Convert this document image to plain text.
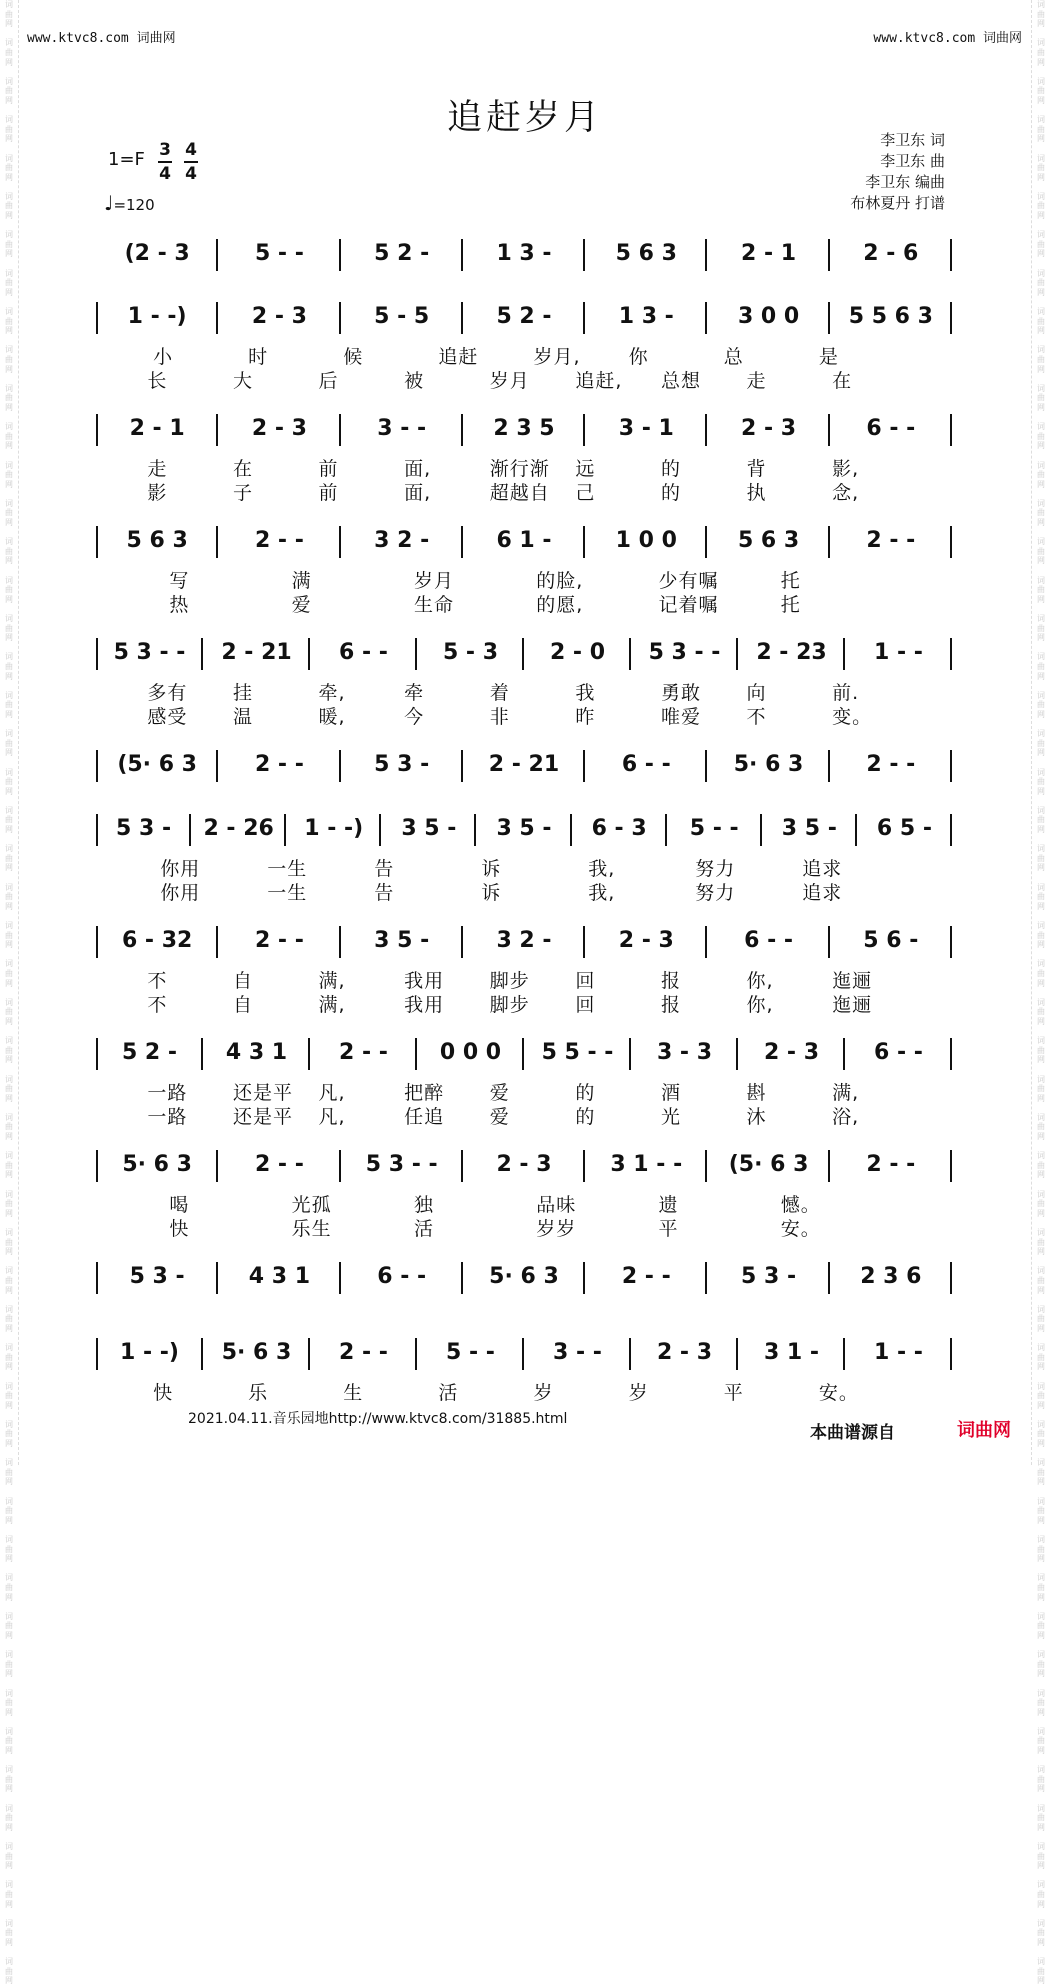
词
曲
网

词
曲
网

词
曲
网

词
曲
网

词
曲
网

词
曲
网

词
曲
网

词
曲
网

词
曲
网

词
曲
网

词
曲
网

词
曲
网

词
曲
网

词
曲
网

词
曲
网

词
曲
网

词
曲
网

词
曲
网

词
曲
网

词
曲
网

词
曲
网

词
曲
网

词
曲
网

词
曲
网

词
曲
网

词
曲
网

词
曲
网

词
曲
网

词
曲
网

词
曲
网

词
曲
网

词
曲
网

词
曲
网

词
曲
网

词
曲
网

词
曲
网

词
曲
网

词
曲
网

词
曲
网

词
曲
网

词
曲
网

词
曲
网

词
曲
网

词
曲
网

词
曲
网

词
曲
网

词
曲
网

词
曲
网

词
曲
网

词
曲
网

词
曲
网

词
曲
网

词
曲
网

词
曲
网

词
曲
网

词
曲
网

词
曲
网

词
曲
网

词
曲
网

词
曲
网

词
曲
网

词
曲
网

词
曲
网

词
曲
网

词
曲
网

词
曲
网

词
曲
网

词
曲
网

词
曲
网

词
曲
网

词
曲
网

词
曲
网

词
曲
网

词
曲
网

词
曲
网

词
曲
网

词
曲
网

词
曲
网

词
曲
网

词
曲
网

词
曲
网

词
曲
网

词
曲
网

词
曲
网

词
曲
网

词
曲
网

词
曲
网

词
曲
网

词
曲
网

词
曲
网

词
曲
网

词
曲
网

词
曲
网

词
曲
网

词
曲
网

词
曲
网

词
曲
网

词
曲
网

词
曲
网

词
曲
网

词
曲
网

词
曲
网

词
曲
网

词
曲
网

www.ktvc8.com 词曲网	www.ktvc8.com 词曲网
追赶岁月
李卫东 词
李卫东 曲
李卫东 编曲
布林夏丹 打谱
1=F 3
4
4
4
♩=120
(2 - 3	5 - -	5 2 -	1 3 -	5 6 3	2 - 1	2 - 6
1 - -)	2 - 3	5 - 5	5 2 -	1 3 -	3 0 0	5 5 6 3
小	时	候	追赶	岁月,	你	总	是
长	大	后	被	岁月 追赶, 总想 走	在
2 - 1	2 - 3	3 - -	2 3 5	3 - 1	2 - 3	6 - -
走	在	前	面,	渐行渐 远	的	背	影,
影	子	前	面,	超越自 己	的	执	念,
5 6 3	2 - -	3 2 -	6 1 -	1 0 0	5 6 3	2 - -
写	满	岁月	的脸,	少有嘱	托
热	爱	生命	的愿,	记着嘱	托
5 3 - -	2 - 21	6 - -	5 - 3	2 - 0	5 3 - -	2 - 23	1 - -
多有 挂	牵,	牵	着	我	勇敢 向	前.
感受 温	暖,	今	非	昨	唯爱 不	变。
(5· 6 3	2 - -	5 3 -	2 - 21	6 - -	5· 6 3	2 - -
5 3 -	2 - 26	1 - -)	3 5 -	3 5 -	6 - 3	5 - -	3 5 -	6 5 -
你用	一生	告	诉	我,	努力	追求
你用	一生	告	诉	我,	努力	追求
6 - 32	2 - -	3 5 -	3 2 -	2 - 3	6 - -	5 6 -
不	自	满,	我用 脚步 回	报	你,	迤逦
不	自	满,	我用 脚步 回	报	你,	迤逦
5 2 -	4 3 1	2 - -	0 0 0	5 5 - -	3 - 3	2 - 3	6 - -
一路 还是平 凡,	把醉 爱	的	酒	斟	满,
一路 还是平 凡,	任追 爱	的	光	沐	浴,
5· 6 3	2 - -	5 3 - -	2 - 3	3 1 - -	(5· 6 3	2 - -
喝	光孤	独	品味	遗	憾。
快	乐生	活	岁岁	平	安。
5 3 -	4 3 1	6 - -	5· 6 3	2 - -	5 3 -	2 3 6
1 - -)	5· 6 3	2 - -	5 - -	3 - -	2 - 3	3 1 -	1 - -
快	乐	生	活	岁	岁	平	安。
2021.04.11.音乐园地http://www.ktvc8.com/31885.html
本曲谱源自	词曲网
